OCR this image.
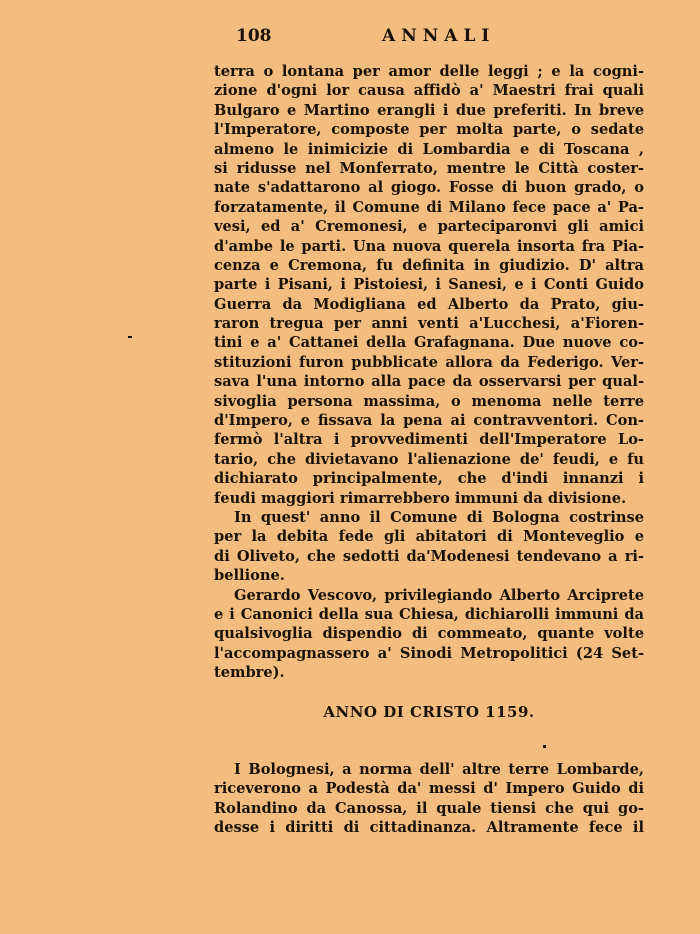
108	ANNALI
terra o lontana per amor delle leggi ; e la cogni-
zione d'ogni lor causa affidò a' Maestri frai quali
Bulgaro e Martino erangli i due preferiti. In breve
l'Imperatore, composte per molta parte, o sedate
almeno le inimicizie di Lombardia e di Toscana ,
si ridusse nel Monferrato, mentre le Città coster-
nate s'adattarono al giogo. Fosse di buon grado, o
forzatamente, il Comune di Milano fece pace a' Pa-
vesi, ed a' Cremonesi, e parteciparonvi gli amici
d'ambe le parti. Una nuova querela insorta fra Pia-
cenza e Cremona, fu definita in giudizio. D' altra
parte i Pisani, i Pistoiesi, i Sanesi, e i Conti Guido
Guerra da Modigliana ed Alberto da Prato, giu-
raron tregua per anni venti a'Lucchesi, a'Fioren-
tini e a' Cattanei della Grafagnana. Due nuove co-
stituzioni furon pubblicate allora da Federigo. Ver-
sava l'una intorno alla pace da osservarsi per qual-
sivoglia persona massima, o menoma nelle terre
d'Impero, e fissava la pena ai contravventori. Con-
fermò l'altra i provvedimenti dell'Imperatore Lo-
tario, che divietavano l'alienazione de' feudi, e fu
dichiarato principalmente, che d'indi innanzi i
feudi maggiori rimarrebbero immuni da divisione.
In quest' anno il Comune di Bologna costrinse
per la debita fede gli abitatori di Monteveglio e
di Oliveto, che sedotti da'Modenesi tendevano a ri-
bellione.
Gerardo Vescovo, privilegiando Alberto Arciprete
e i Canonici della sua Chiesa, dichiarolli immuni da
qualsivoglia dispendio di commeato, quante volte
l'accompagnassero a' Sinodi Metropolitici (24 Set-
tembre).
ANNO DI CRISTO 1159.
I Bolognesi, a norma dell' altre terre Lombarde,
riceverono a Podestà da' messi d' Impero Guido di
Rolandino da Canossa, il quale tiensi che qui go-
desse i diritti di cittadinanza. Altramente fece il
